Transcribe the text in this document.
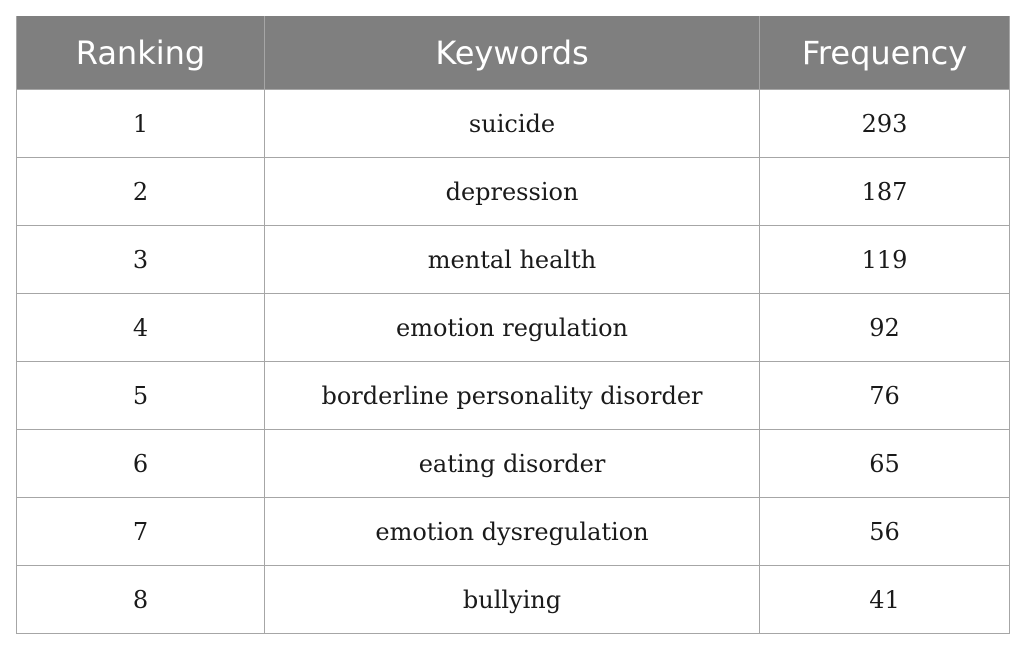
Ranking	Keywords	Frequency
1	suicide	293
2	depression	187
3	mental health	119
4	emotion regulation	92
5	borderline personality disorder	76
6	eating disorder	65
7	emotion dysregulation	56
8	bullying	41
